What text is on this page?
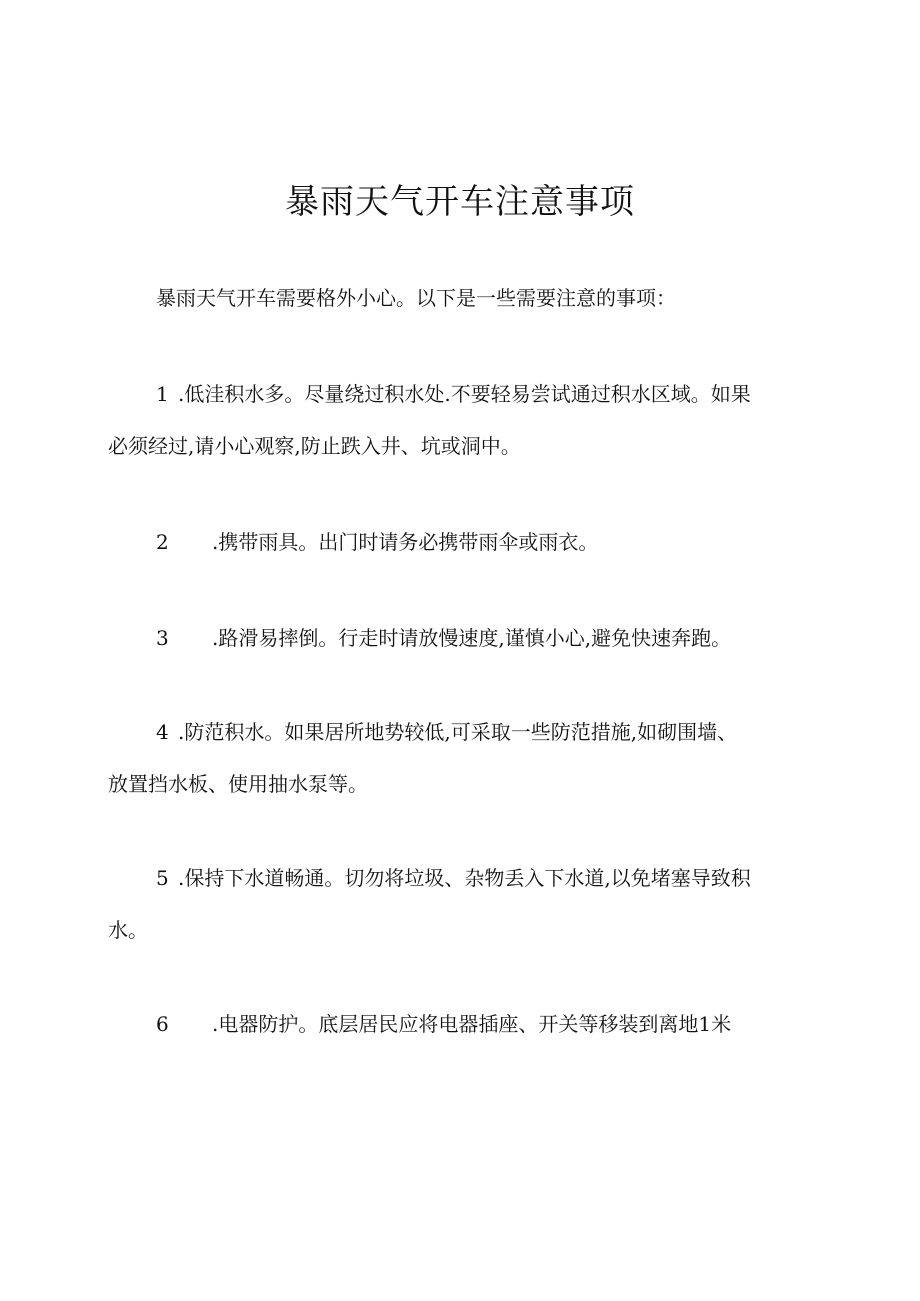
暴雨天气开车注意事项

暴雨天气开车需要格外小心。以下是一些需要注意的事项：

1 .低洼积水多。尽量绕过积水处.不要轻易尝试通过积水区域。如果
必须经过,请小心观察,防止跌入井、坑或洞中。

2 .携带雨具。出门时请务必携带雨伞或雨衣。

3 .路滑易摔倒。行走时请放慢速度,谨慎小心,避免快速奔跑。

4 .防范积水。如果居所地势较低,可采取一些防范措施,如砌围墙、
放置挡水板、使用抽水泵等。

5 .保持下水道畅通。切勿将垃圾、杂物丢入下水道,以免堵塞导致积
水。

6 .电器防护。底层居民应将电器插座、开关等移装到离地1米
